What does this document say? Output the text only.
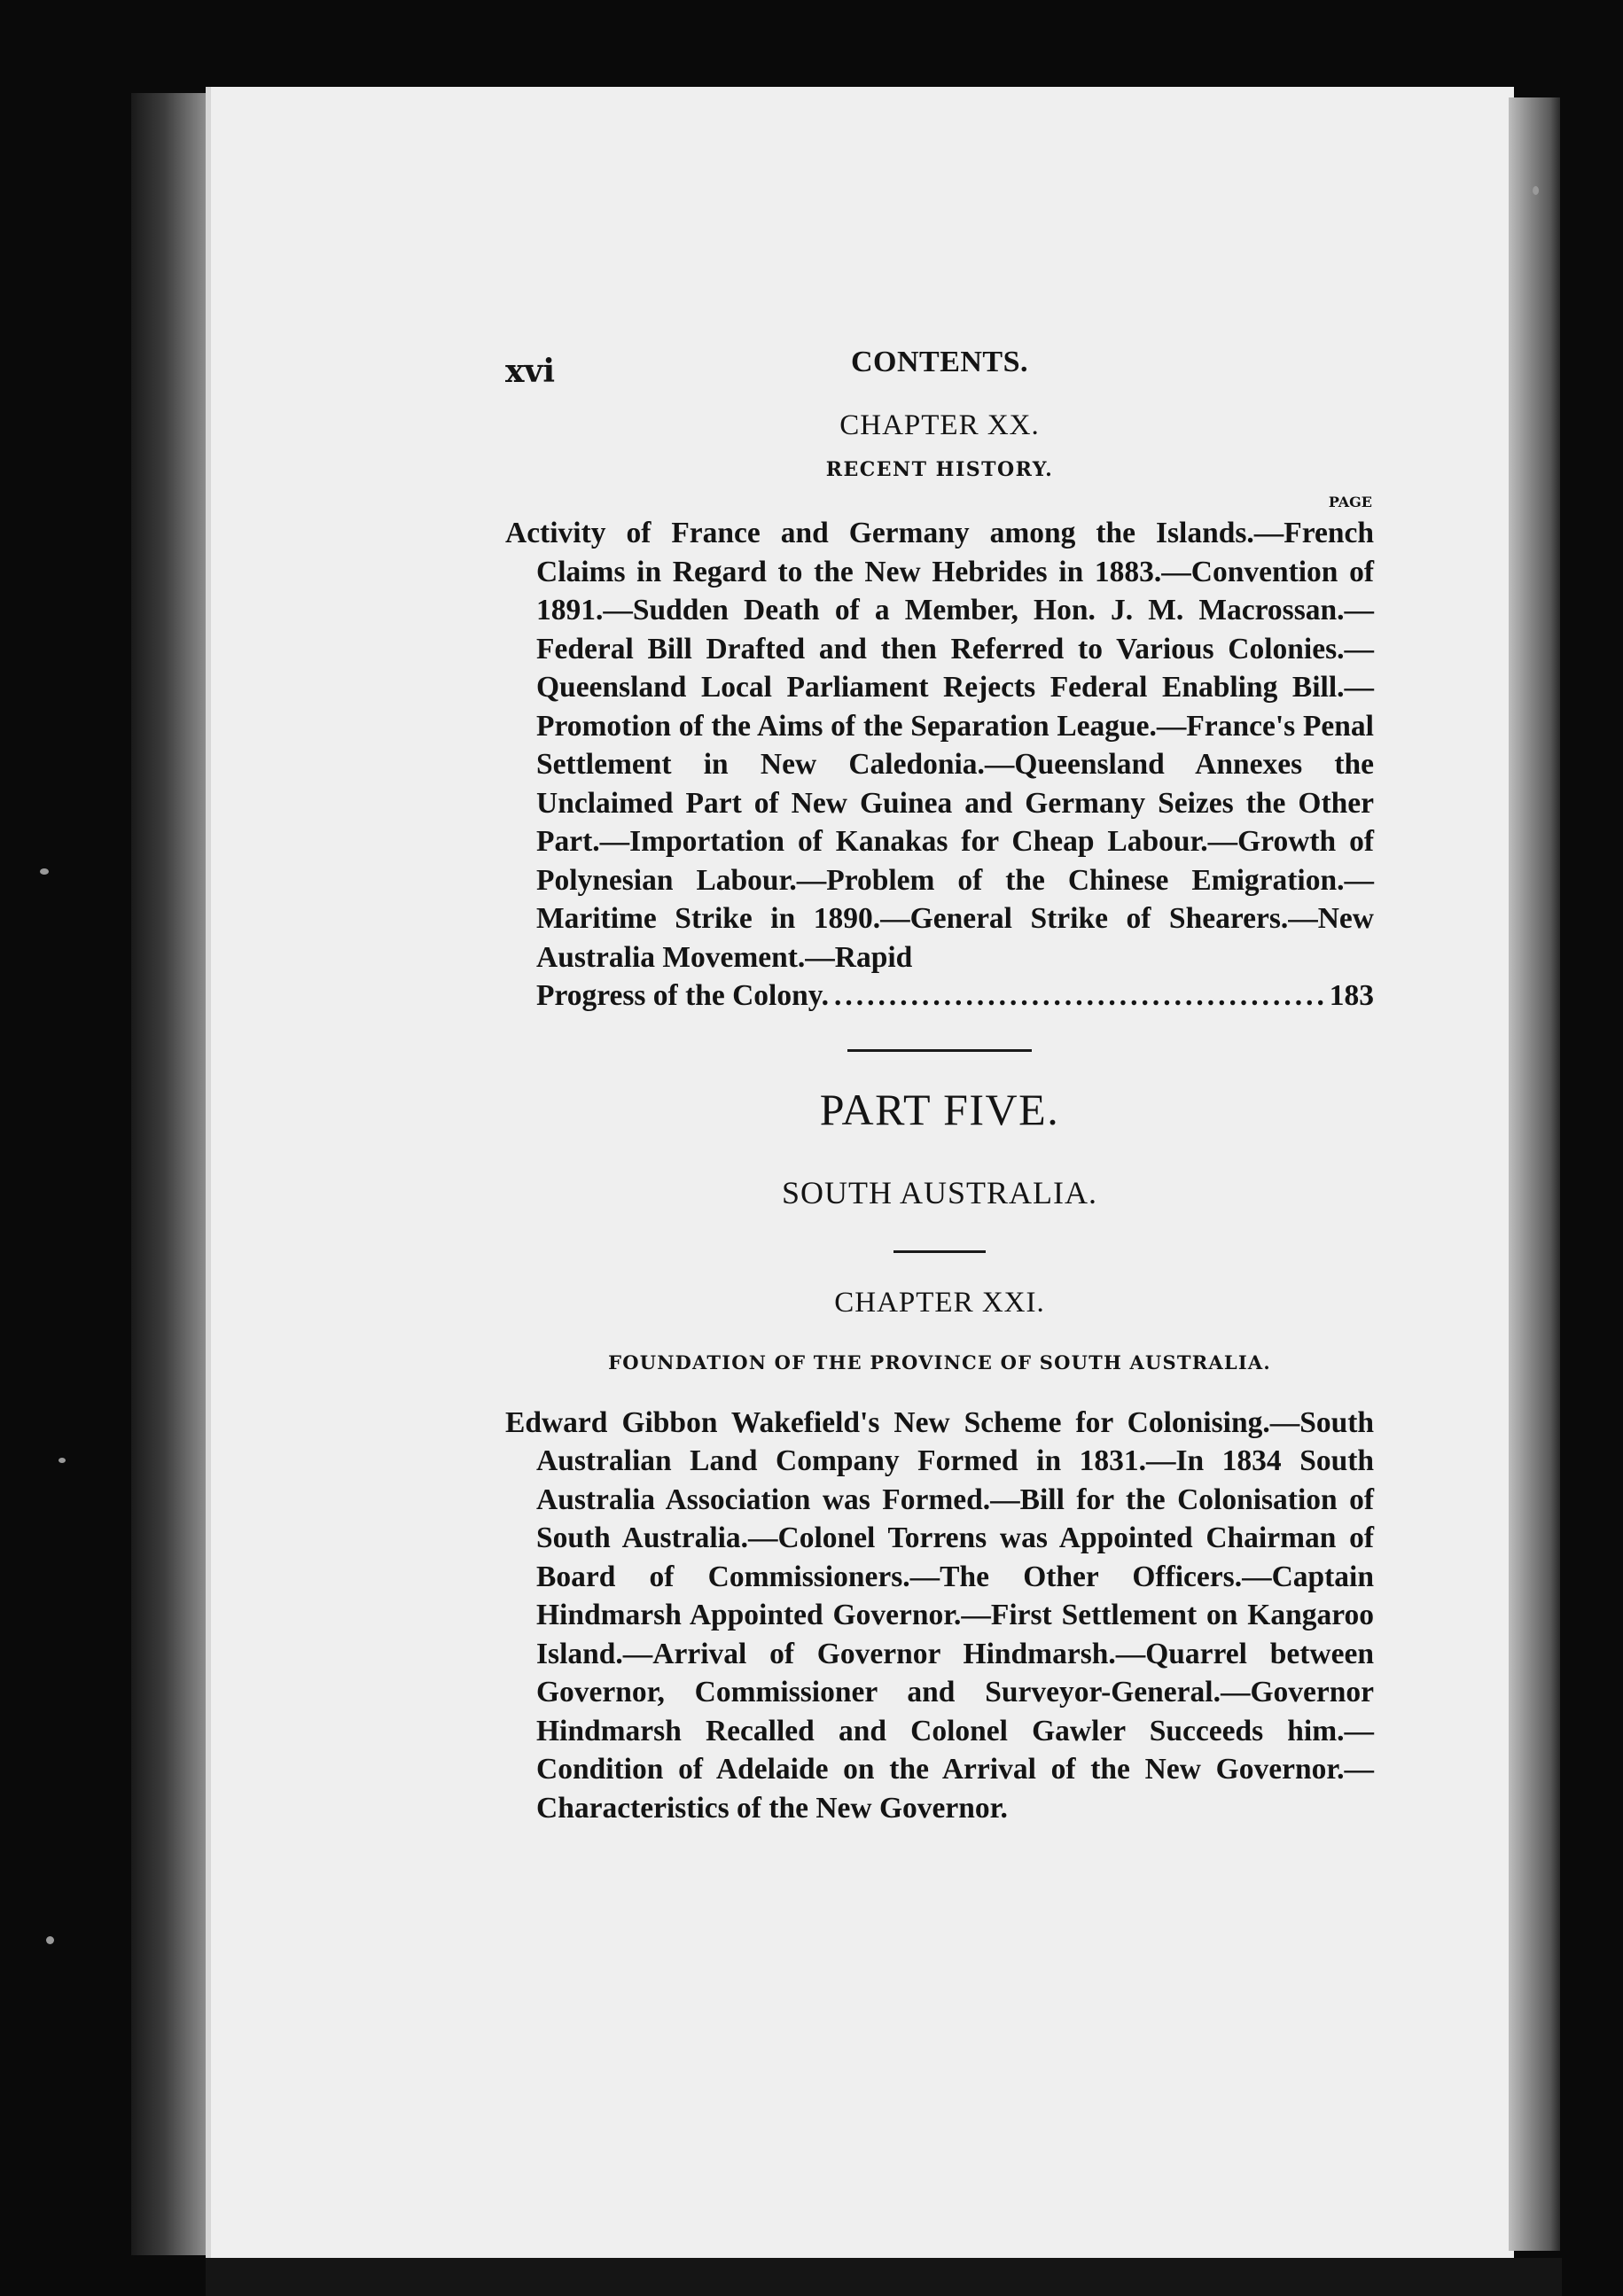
xvi	CONTENTS.
CHAPTER XX.
RECENT HISTORY.
PAGE
Activity of France and Germany among the Islands.—French Claims in Regard to the New Hebrides in 1883.—Convention of 1891.—Sudden Death of a Member, Hon. J. M. Macrossan.—Federal Bill Drafted and then Referred to Various Colonies.—Queensland Local Parliament Rejects Federal Enabling Bill.—Promotion of the Aims of the Separation League.—France's Penal Settlement in New Caledonia.—Queensland Annexes the Unclaimed Part of New Guinea and Germany Seizes the Other Part.—Importation of Kanakas for Cheap Labour.—Growth of Polynesian Labour.—Problem of the Chinese Emigration.—Maritime Strike in 1890.—General Strike of Shearers.—New Australia Movement.—Rapid
Progress of the Colony.
.....	183
PART FIVE.
SOUTH AUSTRALIA.
CHAPTER XXI.
FOUNDATION OF THE PROVINCE OF SOUTH AUSTRALIA.
Edward Gibbon Wakefield's New Scheme for Colonising.—South Australian Land Company Formed in 1831.—In 1834 South Australia Association was Formed.—Bill for the Colonisation of South Australia.—Colonel Torrens was Appointed Chairman of Board of Commissioners.—The Other Officers.—Captain Hindmarsh Appointed Governor.—First Settlement on Kangaroo Island.—Arrival of Governor Hindmarsh.—Quarrel between Governor, Commissioner and Surveyor-General.—Governor Hindmarsh Recalled and Colonel Gawler Succeeds him.—Condition of Adelaide on the Arrival of the New Governor.—Characteristics of the New Governor.
